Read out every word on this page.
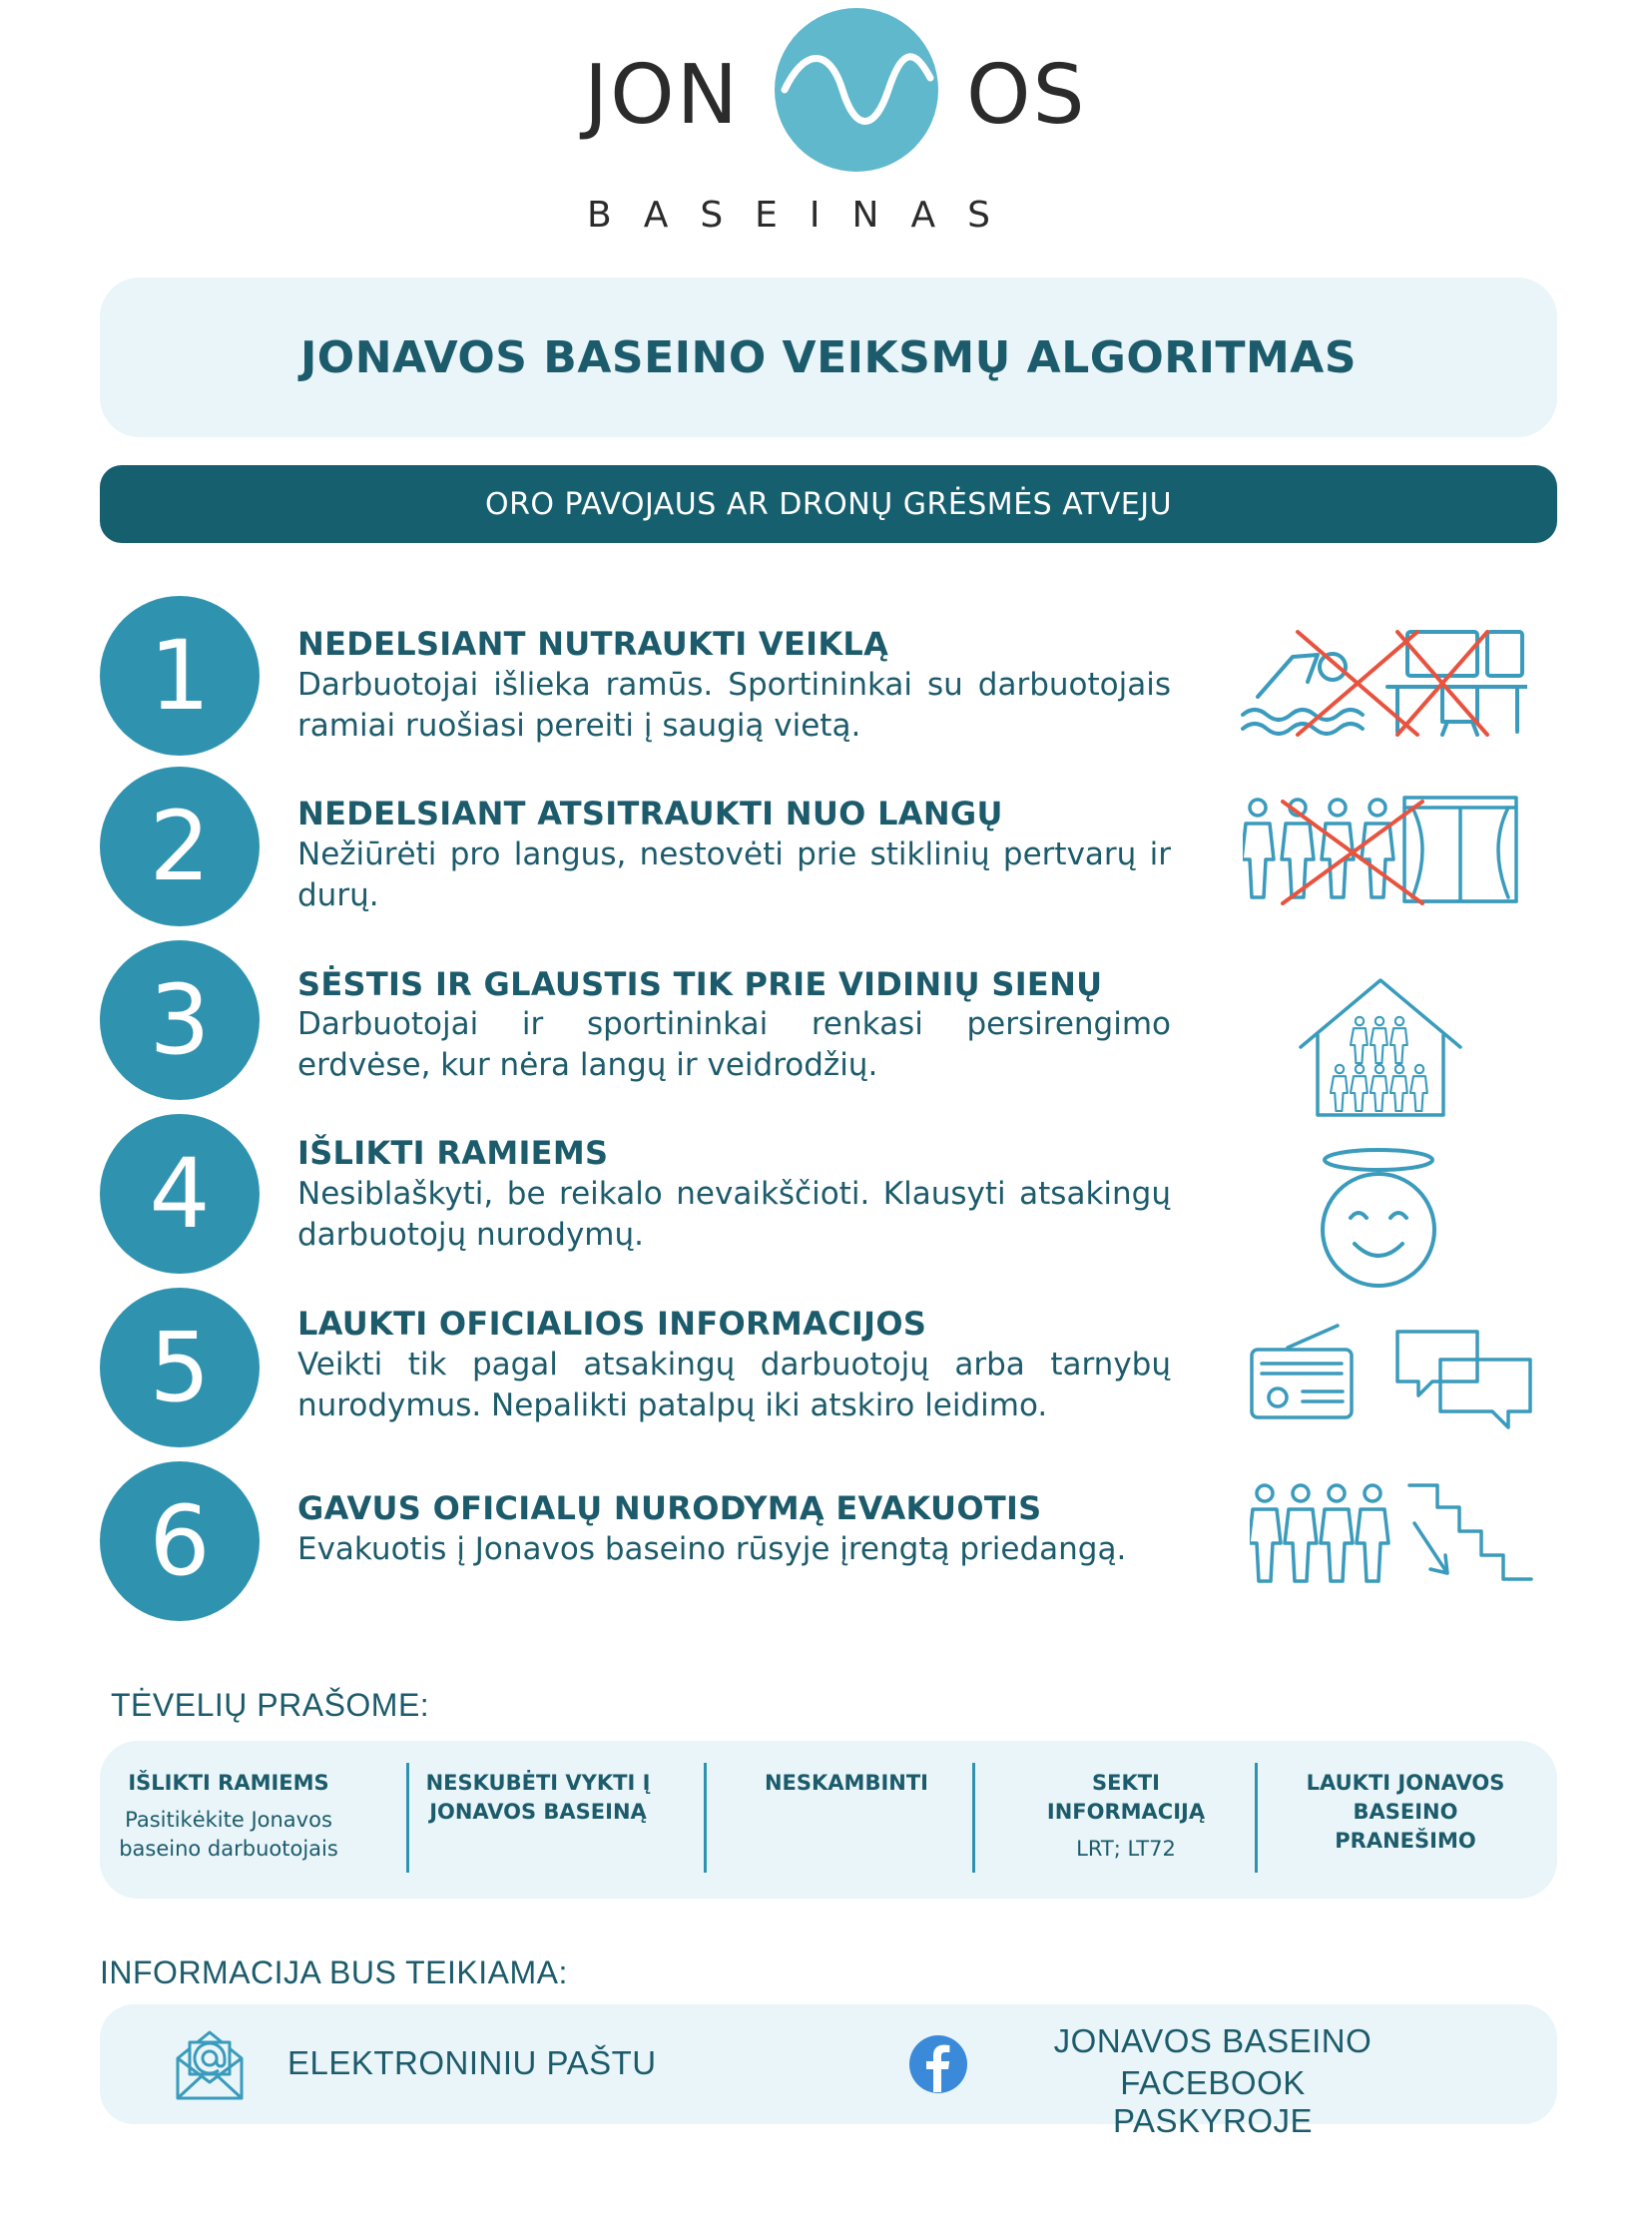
JON	OS
BASEINAS
JONAVOS BASEINO VEIKSMŲ ALGORITMAS
ORO PAVOJAUS AR DRONŲ GRĖSMĖS ATVEJU
1	NEDELSIANT NUTRAUKTI VEIKLĄ
Darbuotojai išlieka ramūs. Sportininkai su darbuotojais ramiai ruošiasi pereiti į saugią vietą.
2	NEDELSIANT ATSITRAUKTI NUO LANGŲ
Nežiūrėti pro langus, nestovėti prie stiklinių pertvarų ir durų.
3	SĖSTIS IR GLAUSTIS TIK PRIE VIDINIŲ SIENŲ
Darbuotojai ir sportininkai renkasi persirengimo erdvėse, kur nėra langų ir veidrodžių.
4	IŠLIKTI RAMIEMS
Nesiblaškyti, be reikalo nevaikščioti. Klausyti atsakingų darbuotojų nurodymų.
5	LAUKTI OFICIALIOS INFORMACIJOS
Veikti tik pagal atsakingų darbuotojų arba tarnybų nurodymus. Nepalikti patalpų iki atskiro leidimo.
6	GAVUS OFICIALŲ NURODYMĄ EVAKUOTIS
Evakuotis į Jonavos baseino rūsyje įrengtą priedangą.
TĖVELIŲ PRAŠOME:
IŠLIKTI RAMIEMS
Pasitikėkite Jonavos baseino darbuotojais
NESKUBĖTI VYKTI Į JONAVOS BASEINĄ
NESKAMBINTI	SEKTI INFORMACIJĄ
LRT; LT72
LAUKTI JONAVOS BASEINO PRANEŠIMO
INFORMACIJA BUS TEIKIAMA:
ELEKTRONINIU PAŠTU
JONAVOS BASEINO
FACEBOOK PASKYROJE
